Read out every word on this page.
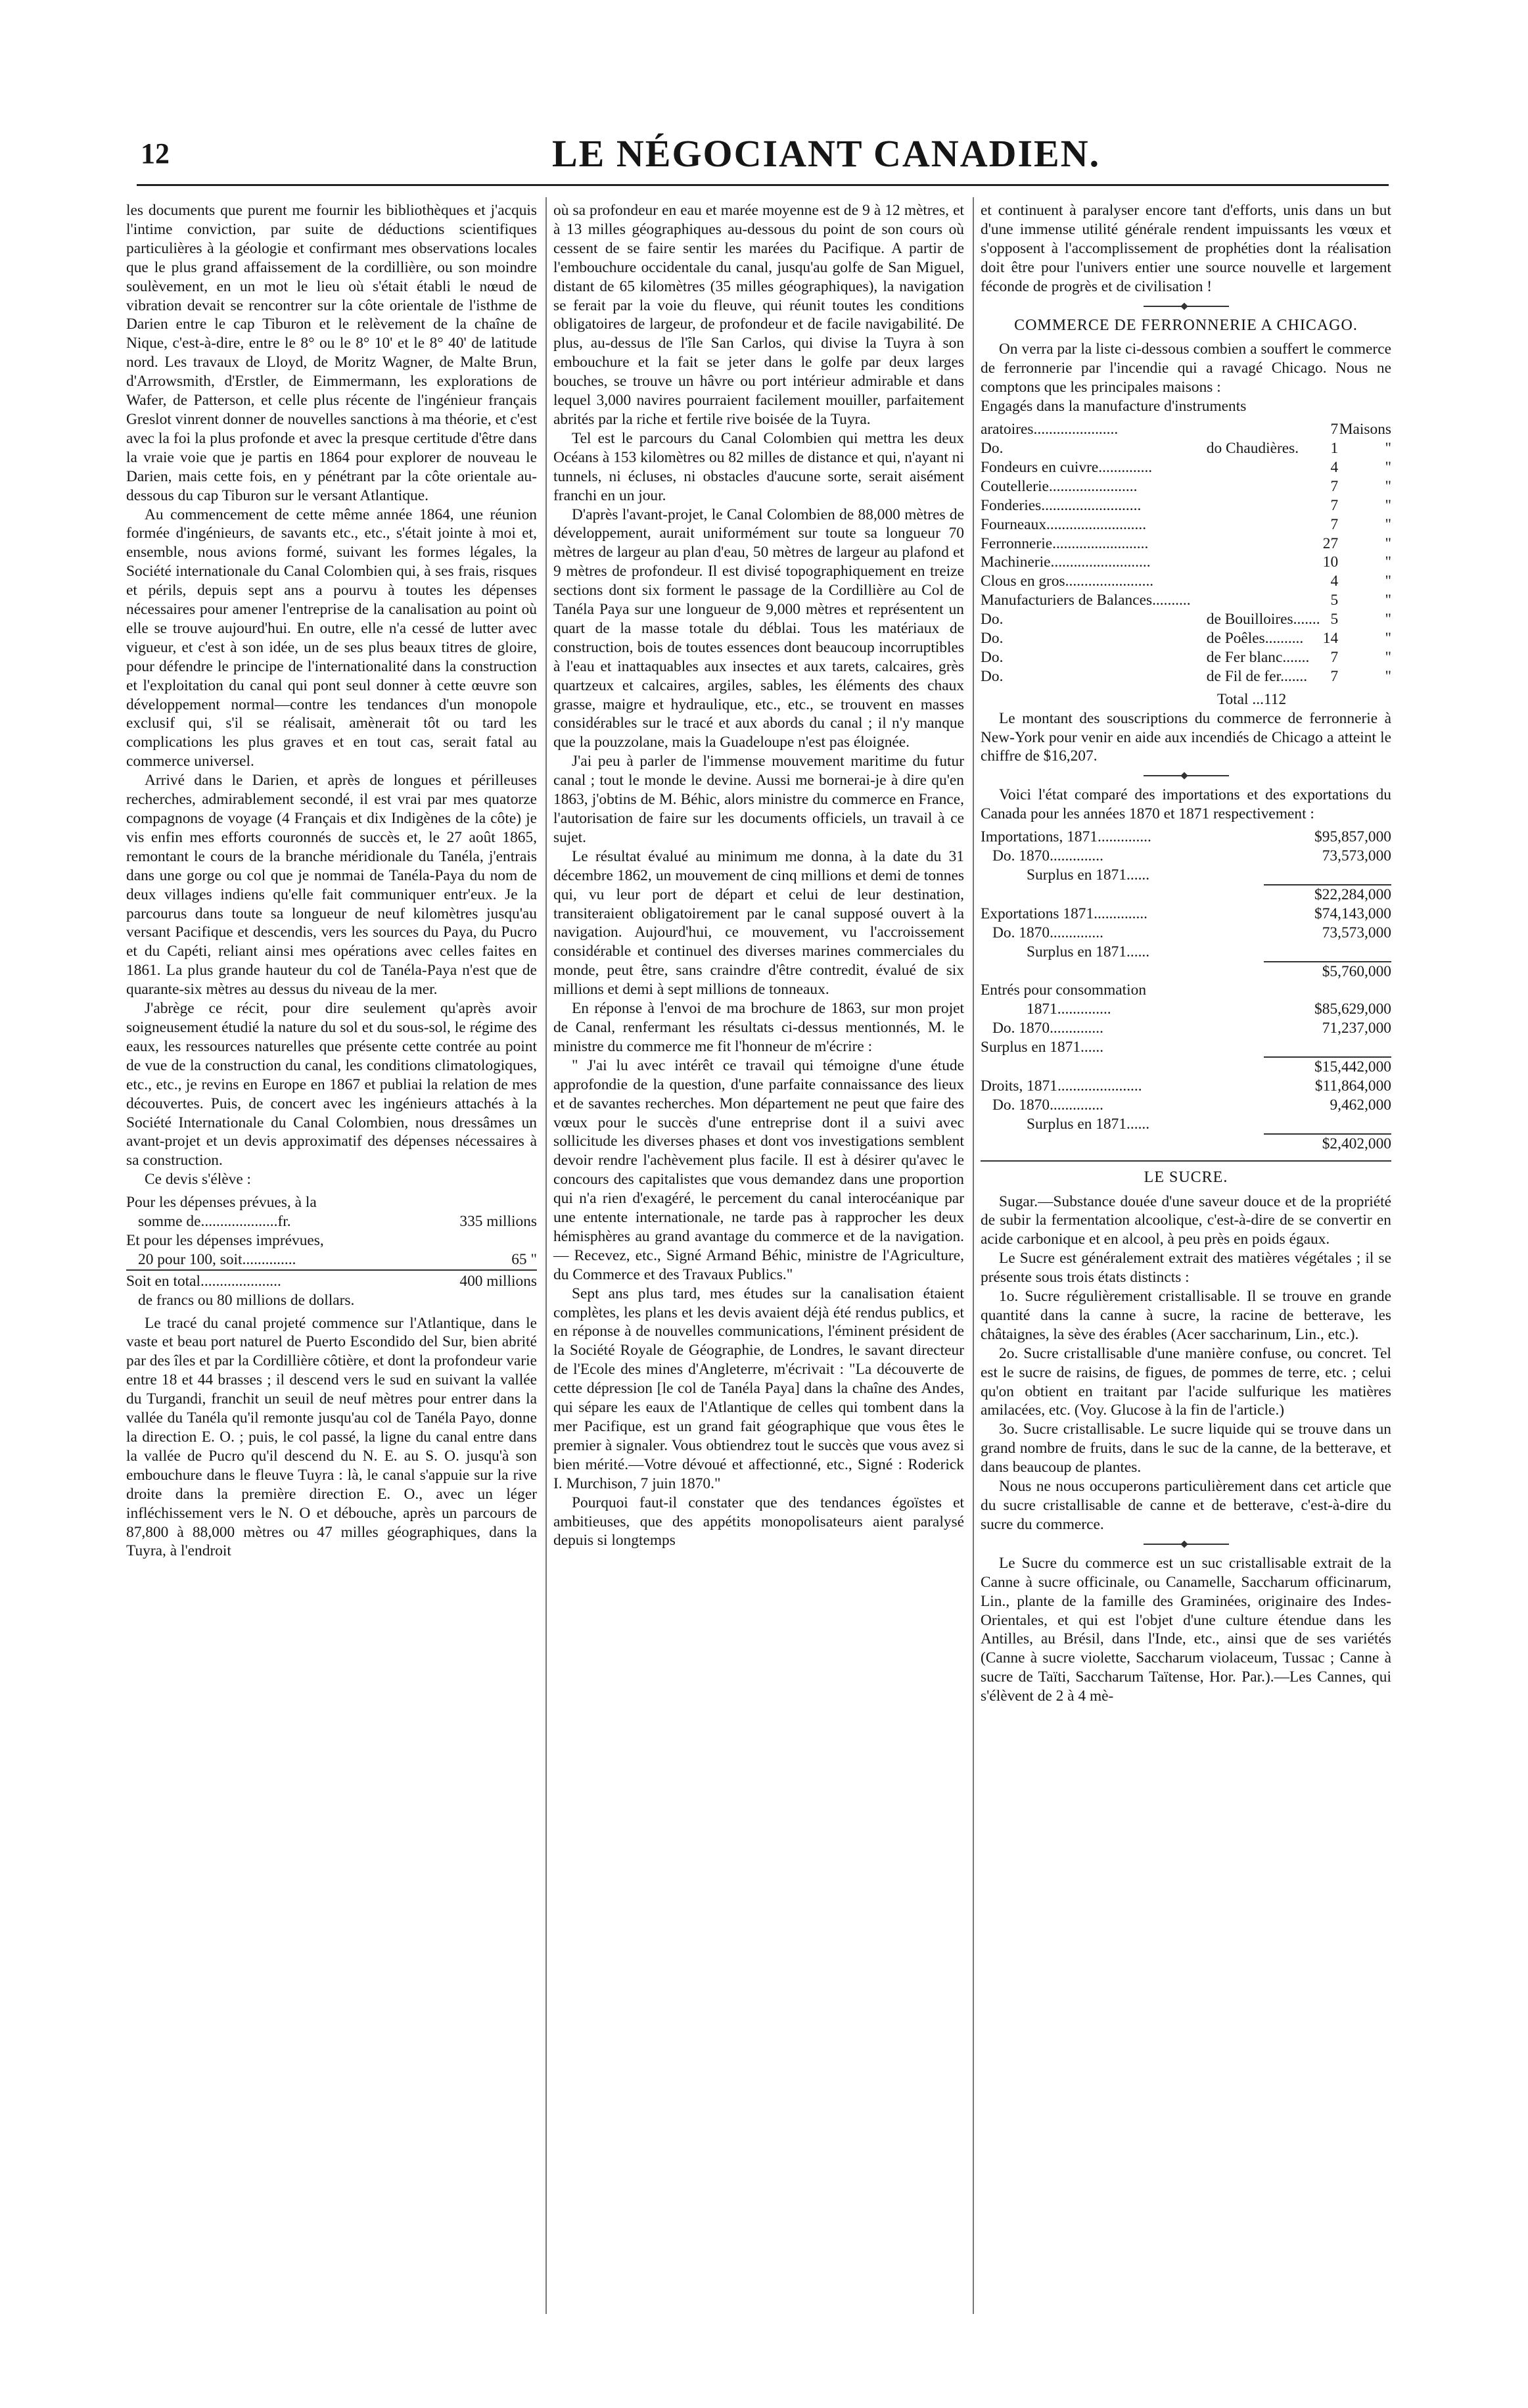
12	LE NÉGOCIANT CANADIEN.

les documents que purent me fournir les bibliothèques et j'acquis l'intime conviction, par suite de déductions scientifiques particulières à la géologie et confirmant mes observations locales que le plus grand affaissement de la cordillière, ou son moindre soulèvement, en un mot le lieu où s'était établi le nœud de vibration devait se rencontrer sur la côte orientale de l'isthme de Darien entre le cap Tiburon et le relèvement de la chaîne de Nique, c'est-à-dire, entre le 8° ou le 8° 10' et le 8° 40' de latitude nord. Les travaux de Lloyd, de Moritz Wagner, de Malte Brun, d'Arrowsmith, d'Erstler, de Eimmermann, les explorations de Wafer, de Patterson, et celle plus récente de l'ingénieur français Greslot vinrent donner de nouvelles sanctions à ma théorie, et c'est avec la foi la plus profonde et avec la presque certitude d'être dans la vraie voie que je partis en 1864 pour explorer de nouveau le Darien, mais cette fois, en y pénétrant par la côte orientale au-dessous du cap Tiburon sur le versant Atlantique.

Au commencement de cette même année 1864, une réunion formée d'ingénieurs, de savants etc., etc., s'était jointe à moi et, ensemble, nous avions formé, suivant les formes légales, la Société internationale du Canal Colombien qui, à ses frais, risques et périls, depuis sept ans a pourvu à toutes les dépenses nécessaires pour amener l'entreprise de la canalisation au point où elle se trouve aujourd'hui. En outre, elle n'a cessé de lutter avec vigueur, et c'est à son idée, un de ses plus beaux titres de gloire, pour défendre le principe de l'internationalité dans la construction et l'exploitation du canal qui pont seul donner à cette œuvre son développement normal—contre les tendances d'un monopole exclusif qui, s'il se réalisait, amènerait tôt ou tard les complications les plus graves et en tout cas, serait fatal au commerce universel.

Arrivé dans le Darien, et après de longues et périlleuses recherches, admirablement secondé, il est vrai par mes quatorze compagnons de voyage (4 Français et dix Indigènes de la côte) je vis enfin mes efforts couronnés de succès et, le 27 août 1865, remontant le cours de la branche méridionale du Tanéla, j'entrais dans une gorge ou col que je nommai de Tanéla-Paya du nom de deux villages indiens qu'elle fait communiquer entr'eux. Je la parcourus dans toute sa longueur de neuf kilomètres jusqu'au versant Pacifique et descendis, vers les sources du Paya, du Pucro et du Capéti, reliant ainsi mes opérations avec celles faites en 1861. La plus grande hauteur du col de Tanéla-Paya n'est que de quarante-six mètres au dessus du niveau de la mer.

J'abrège ce récit, pour dire seulement qu'après avoir soigneusement étudié la nature du sol et du sous-sol, le régime des eaux, les ressources naturelles que présente cette contrée au point de vue de la construction du canal, les conditions climatologiques, etc., etc., je revins en Europe en 1867 et publiai la relation de mes découvertes. Puis, de concert avec les ingénieurs attachés à la Société Internationale du Canal Colombien, nous dressâmes un avant-projet et un devis approximatif des dépenses nécessaires à sa construction.

Ce devis s'élève :

Pour les dépenses prévues, à la	
somme de....................fr.	335 millions
Et pour les dépenses imprévues,	
20 pour 100, soit..............	65 "
Soit en total.....................	400 millions
de francs ou 80 millions de dollars.	

Le tracé du canal projeté commence sur l'Atlantique, dans le vaste et beau port naturel de Puerto Escondido del Sur, bien abrité par des îles et par la Cordillière côtière, et dont la profondeur varie entre 18 et 44 brasses ; il descend vers le sud en suivant la vallée du Turgandi, franchit un seuil de neuf mètres pour entrer dans la vallée du Tanéla qu'il remonte jusqu'au col de Tanéla Payo, donne la direction E. O. ; puis, le col passé, la ligne du canal entre dans la vallée de Pucro qu'il descend du N. E. au S. O. jusqu'à son embouchure dans le fleuve Tuyra : là, le canal s'appuie sur la rive droite dans la première direction E. O., avec un léger infléchissement vers le N. O et débouche, après un parcours de 87,800 à 88,000 mètres ou 47 milles géographiques, dans la Tuyra, à l'endroit

où sa profondeur en eau et marée moyenne est de 9 à 12 mètres, et à 13 milles géographiques au-dessous du point de son cours où cessent de se faire sentir les marées du Pacifique. A partir de l'embouchure occidentale du canal, jusqu'au golfe de San Miguel, distant de 65 kilomètres (35 milles géographiques), la navigation se ferait par la voie du fleuve, qui réunit toutes les conditions obligatoires de largeur, de profondeur et de facile navigabilité. De plus, au-dessus de l'île San Carlos, qui divise la Tuyra à son embouchure et la fait se jeter dans le golfe par deux larges bouches, se trouve un hâvre ou port intérieur admirable et dans lequel 3,000 navires pourraient facilement mouiller, parfaitement abrités par la riche et fertile rive boisée de la Tuyra.

Tel est le parcours du Canal Colombien qui mettra les deux Océans à 153 kilomètres ou 82 milles de distance et qui, n'ayant ni tunnels, ni écluses, ni obstacles d'aucune sorte, serait aisément franchi en un jour.

D'après l'avant-projet, le Canal Colombien de 88,000 mètres de développement, aurait uniformément sur toute sa longueur 70 mètres de largeur au plan d'eau, 50 mètres de largeur au plafond et 9 mètres de profondeur. Il est divisé topographiquement en treize sections dont six forment le passage de la Cordillière au Col de Tanéla Paya sur une longueur de 9,000 mètres et représentent un quart de la masse totale du déblai. Tous les matériaux de construction, bois de toutes essences dont beaucoup incorruptibles à l'eau et inattaquables aux insectes et aux tarets, calcaires, grès quartzeux et calcaires, argiles, sables, les éléments des chaux grasse, maigre et hydraulique, etc., etc., se trouvent en masses considérables sur le tracé et aux abords du canal ; il n'y manque que la pouzzolane, mais la Guadeloupe n'est pas éloignée.

J'ai peu à parler de l'immense mouvement maritime du futur canal ; tout le monde le devine. Aussi me bornerai-je à dire qu'en 1863, j'obtins de M. Béhic, alors ministre du commerce en France, l'autorisation de faire sur les documents officiels, un travail à ce sujet.

Le résultat évalué au minimum me donna, à la date du 31 décembre 1862, un mouvement de cinq millions et demi de tonnes qui, vu leur port de départ et celui de leur destination, transiteraient obligatoirement par le canal supposé ouvert à la navigation. Aujourd'hui, ce mouvement, vu l'accroissement considérable et continuel des diverses marines commerciales du monde, peut être, sans craindre d'être contredit, évalué de six millions et demi à sept millions de tonneaux.

En réponse à l'envoi de ma brochure de 1863, sur mon projet de Canal, renfermant les résultats ci-dessus mentionnés, M. le ministre du commerce me fit l'honneur de m'écrire :

" J'ai lu avec intérêt ce travail qui témoigne d'une étude approfondie de la question, d'une parfaite connaissance des lieux et de savantes recherches. Mon département ne peut que faire des vœux pour le succès d'une entreprise dont il a suivi avec sollicitude les diverses phases et dont vos investigations semblent devoir rendre l'achèvement plus facile. Il est à désirer qu'avec le concours des capitalistes que vous demandez dans une proportion qui n'a rien d'exagéré, le percement du canal interocéanique par une entente internationale, ne tarde pas à rapprocher les deux hémisphères au grand avantage du commerce et de la navigation.— Recevez, etc., Signé Armand Béhic, ministre de l'Agriculture, du Commerce et des Travaux Publics."

Sept ans plus tard, mes études sur la canalisation étaient complètes, les plans et les devis avaient déjà été rendus publics, et en réponse à de nouvelles communications, l'éminent président de la Société Royale de Géographie, de Londres, le savant directeur de l'Ecole des mines d'Angleterre, m'écrivait : "La découverte de cette dépression [le col de Tanéla Paya] dans la chaîne des Andes, qui sépare les eaux de l'Atlantique de celles qui tombent dans la mer Pacifique, est un grand fait géographique que vous êtes le premier à signaler. Vous obtiendrez tout le succès que vous avez si bien mérité.—Votre dévoué et affectionné, etc., Signé : Roderick I. Murchison, 7 juin 1870."

Pourquoi faut-il constater que des tendances égoïstes et ambitieuses, que des appétits monopolisateurs aient paralysé depuis si longtemps

et continuent à paralyser encore tant d'efforts, unis dans un but d'une immense utilité générale rendent impuissants les vœux et s'opposent à l'accomplissement de prophéties dont la réalisation doit être pour l'univers entier une source nouvelle et largement féconde de progrès et de civilisation !

COMMERCE DE FERRONNERIE A CHICAGO.

On verra par la liste ci-dessous combien a souffert le commerce de ferronnerie par l'incendie qui a ravagé Chicago. Nous ne comptons que les principales maisons :

Engagés dans la manufacture d'instruments

aratoires......................		7	Maisons
Do.	do Chaudières.	1	"
Fondeurs en cuivre..............		4	"
Coutellerie.......................		7	"
Fonderies..........................		7	"
Fourneaux..........................		7	"
Ferronnerie.........................		27	"
Machinerie..........................		10	"
Clous en gros.......................		4	"
Manufacturiers de Balances..........		5	"
Do.	de Bouilloires.......	5	"
Do.	de Poêles..........	14	"
Do.	de Fer blanc.......	7	"
Do.	de Fil de fer.......	7	"
Total ...112

Le montant des souscriptions du commerce de ferronnerie à New-York pour venir en aide aux incendiés de Chicago a atteint le chiffre de $16,207.

Voici l'état comparé des importations et des exportations du Canada pour les années 1870 et 1871 respectivement :

Importations, 1871..............	$95,857,000
Do. 1870..............	73,573,000
Surplus en 1871......	
	$22,284,000
Exportations 1871..............	$74,143,000
Do. 1870..............	73,573,000
Surplus en 1871......	
	$5,760,000
Entrés pour consommation	
1871..............	$85,629,000
Do. 1870..............	71,237,000
Surplus en 1871......	
	$15,442,000
Droits, 1871......................	$11,864,000
Do. 1870..............	9,462,000
Surplus en 1871......	
	$2,402,000
LE SUCRE.

Sugar.—Substance douée d'une saveur douce et de la propriété de subir la fermentation alcoolique, c'est-à-dire de se convertir en acide carbonique et en alcool, à peu près en poids égaux.

Le Sucre est généralement extrait des matières végétales ; il se présente sous trois états distincts :

1o. Sucre régulièrement cristallisable. Il se trouve en grande quantité dans la canne à sucre, la racine de betterave, les châtaignes, la sève des érables (Acer saccharinum, Lin., etc.).

2o. Sucre cristallisable d'une manière confuse, ou concret. Tel est le sucre de raisins, de figues, de pommes de terre, etc. ; celui qu'on obtient en traitant par l'acide sulfurique les matières amilacées, etc. (Voy. Glucose à la fin de l'article.)

3o. Sucre cristallisable. Le sucre liquide qui se trouve dans un grand nombre de fruits, dans le suc de la canne, de la betterave, et dans beaucoup de plantes.

Nous ne nous occuperons particulièrement dans cet article que du sucre cristallisable de canne et de betterave, c'est-à-dire du sucre du commerce.

Le Sucre du commerce est un suc cristallisable extrait de la Canne à sucre officinale, ou Canamelle, Saccharum officinarum, Lin., plante de la famille des Graminées, originaire des Indes-Orientales, et qui est l'objet d'une culture étendue dans les Antilles, au Brésil, dans l'Inde, etc., ainsi que de ses variétés (Canne à sucre violette, Saccharum violaceum, Tussac ; Canne à sucre de Taïti, Saccharum Taïtense, Hor. Par.).—Les Cannes, qui s'élèvent de 2 à 4 mè-
